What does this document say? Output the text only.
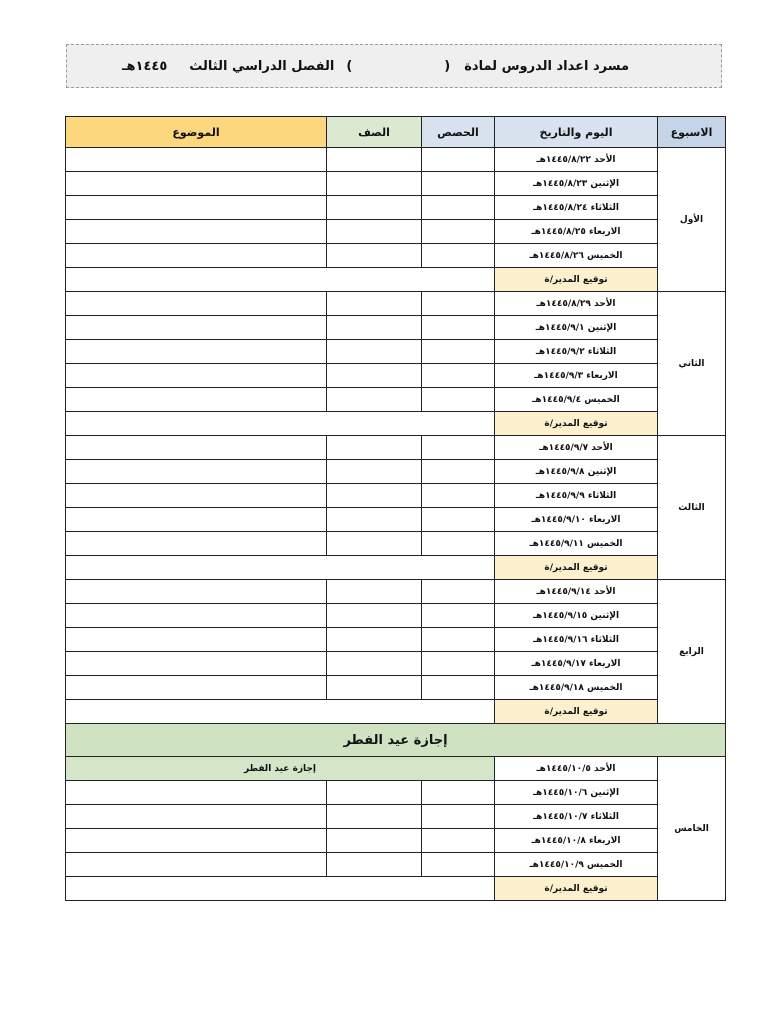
مسرد اعداد الدروس لمادة
(
)
الفصل الدراسي الثالث
١٤٤٥هـ
الاسبوع	اليوم والتاريخ	الحصص	الصف	الموضوع
الأول	الأحد ١٤٤٥/٨/٢٢هـ			
	الإثنين ١٤٤٥/٨/٢٣هـ			
	الثلاثاء ١٤٤٥/٨/٢٤هـ			
	الاربعاء ١٤٤٥/٨/٢٥هـ			
	الخميس ١٤٤٥/٨/٢٦هـ			
	توقيع المدير/ة			
الثاني	الأحد ١٤٤٥/٨/٢٩هـ			
	الإثنين ١٤٤٥/٩/١هـ			
	الثلاثاء ١٤٤٥/٩/٢هـ			
	الاربعاء ١٤٤٥/٩/٣هـ			
	الخميس ١٤٤٥/٩/٤هـ			
	توقيع المدير/ة			
الثالث	الأحد ١٤٤٥/٩/٧هـ			
	الإثنين ١٤٤٥/٩/٨هـ			
	الثلاثاء ١٤٤٥/٩/٩هـ			
	الاربعاء ١٤٤٥/٩/١٠هـ			
	الخميس ١٤٤٥/٩/١١هـ			
	توقيع المدير/ة			
الرابع	الأحد ١٤٤٥/٩/١٤هـ			
	الإثنين ١٤٤٥/٩/١٥هـ			
	الثلاثاء ١٤٤٥/٩/١٦هـ			
	الاربعاء ١٤٤٥/٩/١٧هـ			
	الخميس ١٤٤٥/٩/١٨هـ			
	توقيع المدير/ة			
إجازة عيد الفطر				
الخامس	الأحد ١٤٤٥/١٠/٥هـ	إجازة عيد الفطر		
	الإثنين ١٤٤٥/١٠/٦هـ			
	الثلاثاء ١٤٤٥/١٠/٧هـ			
	الاربعاء ١٤٤٥/١٠/٨هـ			
	الخميس ١٤٤٥/١٠/٩هـ			
	توقيع المدير/ة			
